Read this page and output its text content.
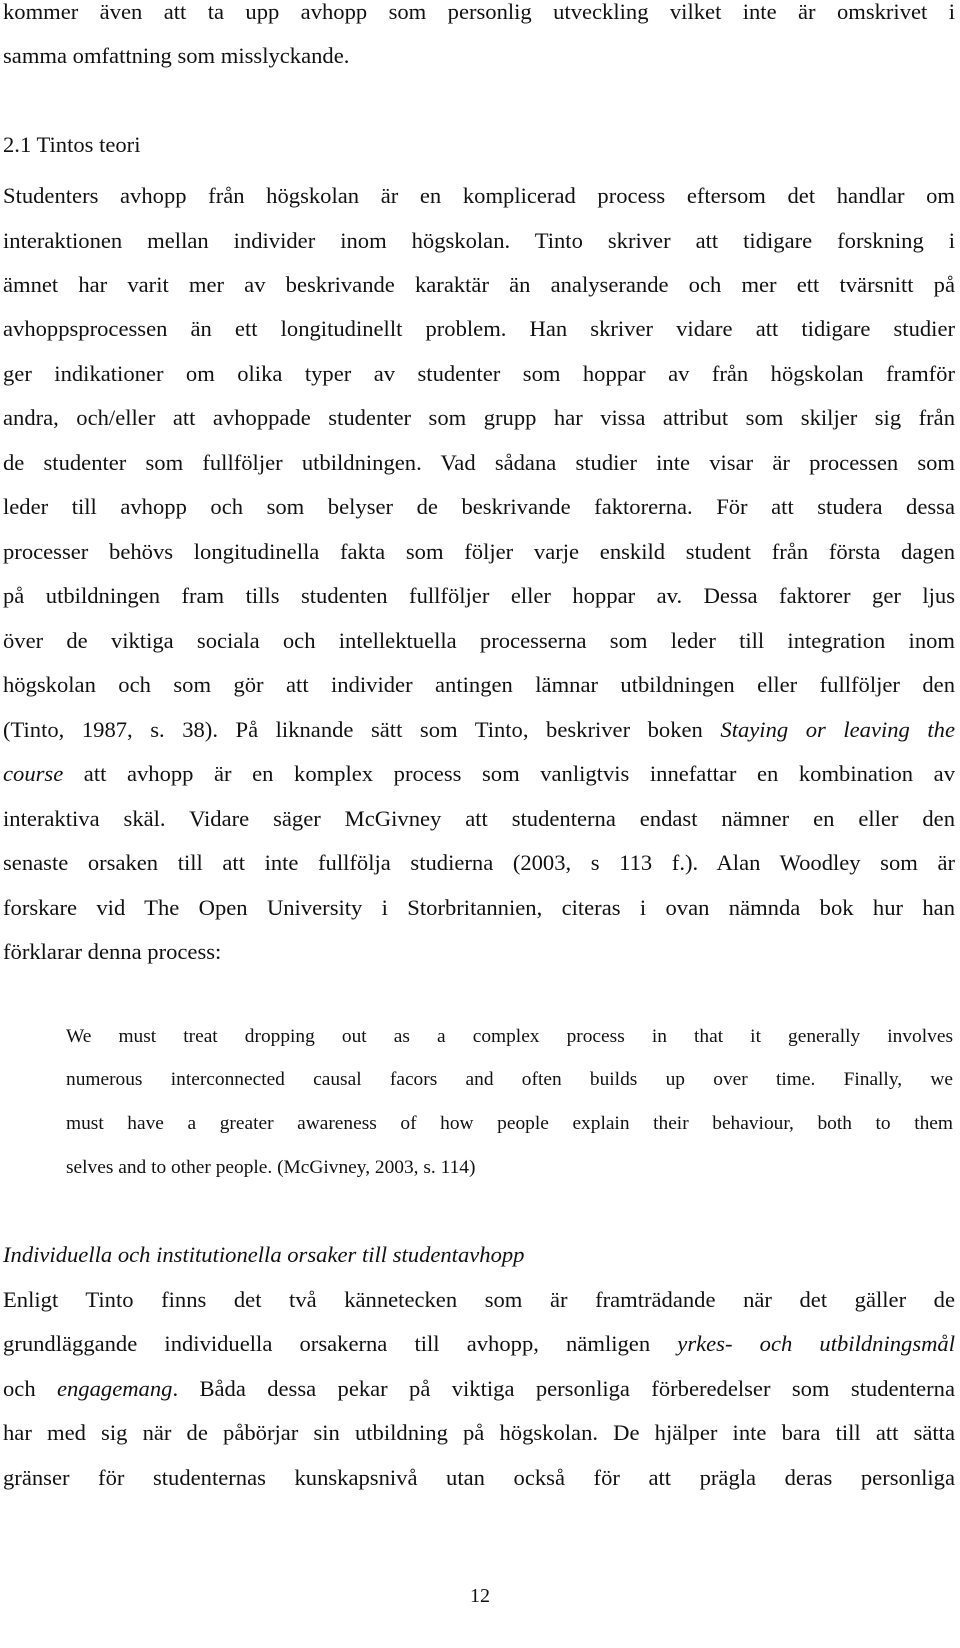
kommer även att ta upp avhopp som personlig utveckling vilket inte är omskrivet i
samma omfattning som misslyckande.
2.1 Tintos teori
Studenters avhopp från högskolan är en komplicerad process eftersom det handlar om
interaktionen mellan individer inom högskolan. Tinto skriver att tidigare forskning i
ämnet har varit mer av beskrivande karaktär än analyserande och mer ett tvärsnitt på
avhoppsprocessen än ett longitudinellt problem. Han skriver vidare att tidigare studier
ger indikationer om olika typer av studenter som hoppar av från högskolan framför
andra, och/eller att avhoppade studenter som grupp har vissa attribut som skiljer sig från
de studenter som fullföljer utbildningen. Vad sådana studier inte visar är processen som
leder till avhopp och som belyser de beskrivande faktorerna. För att studera dessa
processer behövs longitudinella fakta som följer varje enskild student från första dagen
på utbildningen fram tills studenten fullföljer eller hoppar av. Dessa faktorer ger ljus
över de viktiga sociala och intellektuella processerna som leder till integration inom
högskolan och som gör att individer antingen lämnar utbildningen eller fullföljer den
(Tinto, 1987, s. 38). På liknande sätt som Tinto, beskriver boken Staying or leaving the
course att avhopp är en komplex process som vanligtvis innefattar en kombination av
interaktiva skäl. Vidare säger McGivney att studenterna endast nämner en eller den
senaste orsaken till att inte fullfölja studierna (2003, s 113 f.). Alan Woodley som är
forskare vid The Open University i Storbritannien, citeras i ovan nämnda bok hur han
förklarar denna process:
We must treat dropping out as a complex process in that it generally involves
numerous interconnected causal facors and often builds up over time. Finally, we
must have a greater awareness of how people explain their behaviour, both to them
selves and to other people. (McGivney, 2003, s. 114)
Individuella och institutionella orsaker till studentavhopp
Enligt Tinto finns det två kännetecken som är framträdande när det gäller de
grundläggande individuella orsakerna till avhopp, nämligen yrkes- och utbildningsmål
och engagemang. Båda dessa pekar på viktiga personliga förberedelser som studenterna
har med sig när de påbörjar sin utbildning på högskolan. De hjälper inte bara till att sätta
gränser för studenternas kunskapsnivå utan också för att prägla deras personliga
12
